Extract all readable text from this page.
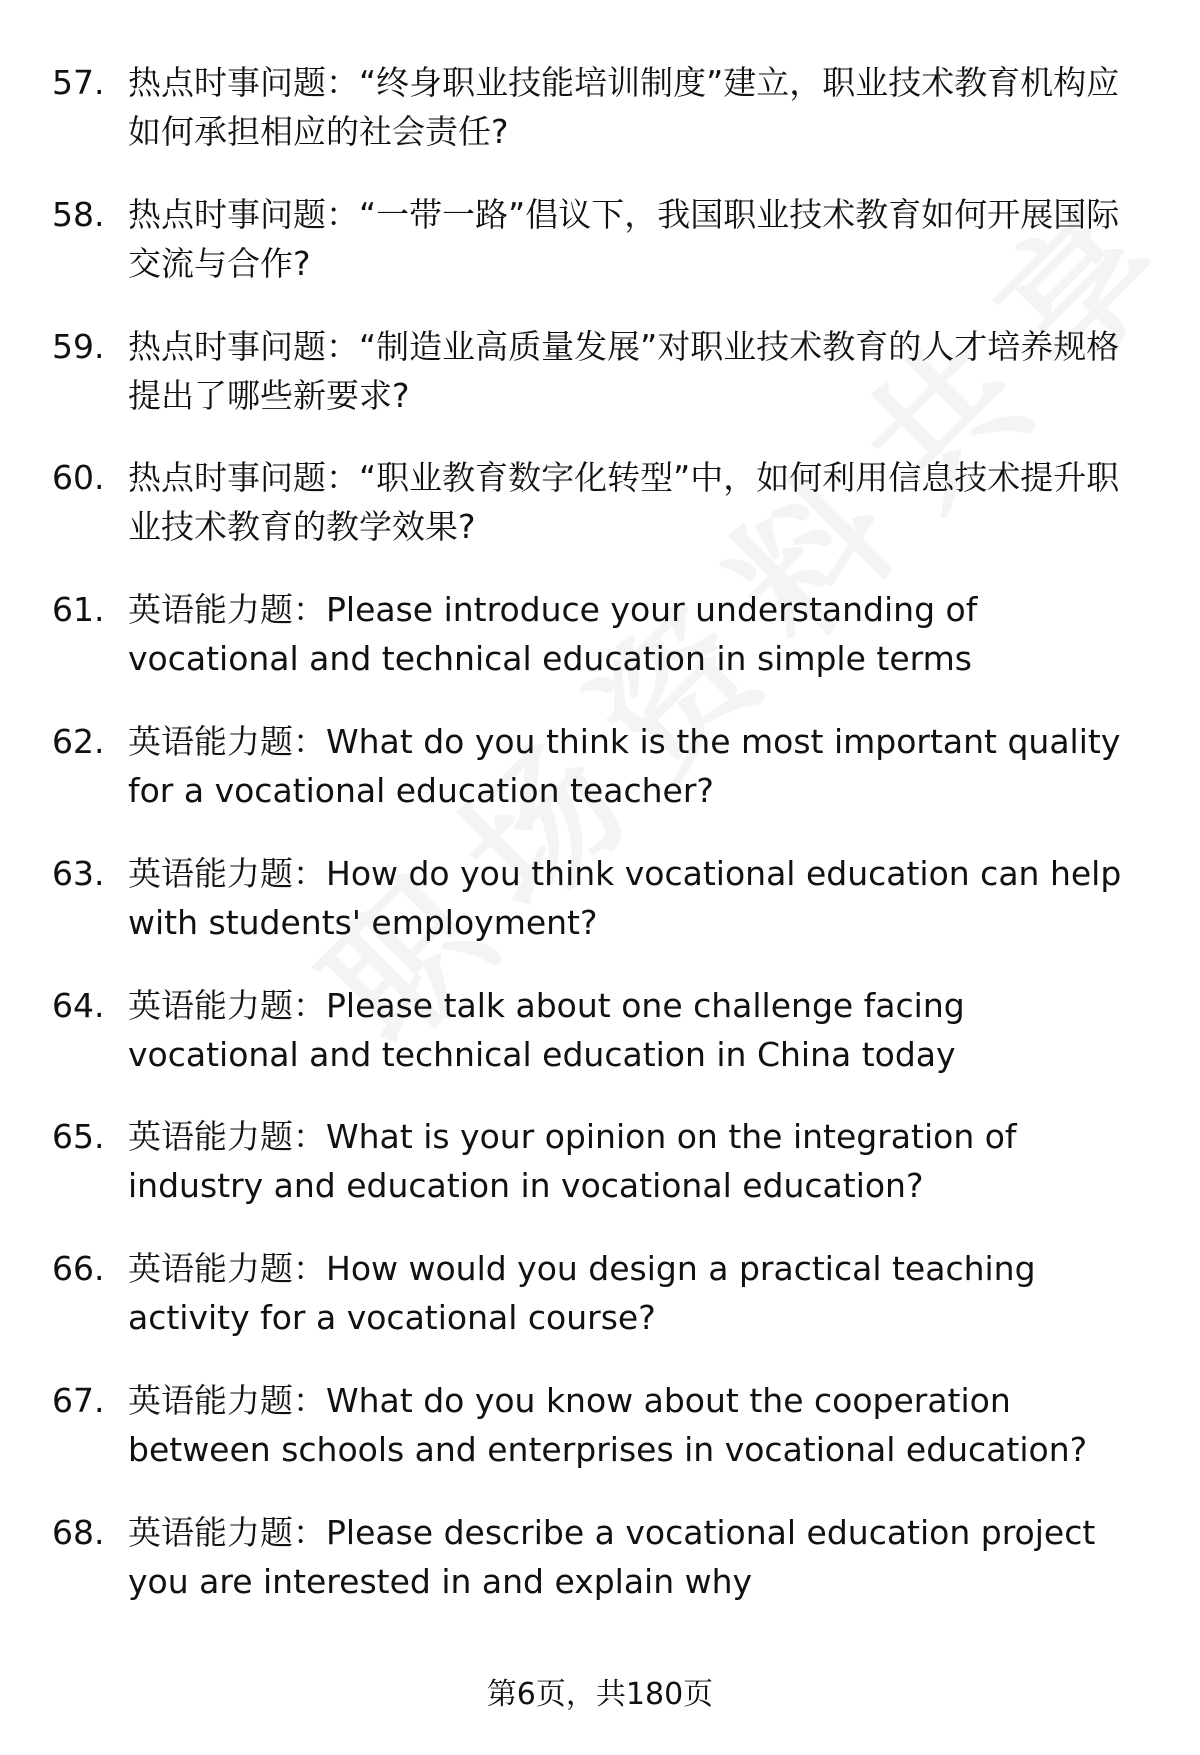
57. 热点时事问题：“终身职业技能培训制度”建立，职业技术教育机构应如何承担相应的社会责任?
58. 热点时事问题：“一带一路”倡议下，我国职业技术教育如何开展国际交流与合作?
59. 热点时事问题：“制造业高质量发展”对职业技术教育的人才培养规格提出了哪些新要求?
60. 热点时事问题：“职业教育数字化转型”中，如何利用信息技术提升职业技术教育的教学效果?
61. 英语能力题：Please introduce your understanding of vocational and technical education in simple terms
62. 英语能力题：What do you think is the most important quality for a vocational education teacher?
63. 英语能力题：How do you think vocational education can help with students' employment?
64. 英语能力题：Please talk about one challenge facing vocational and technical education in China today
65. 英语能力题：What is your opinion on the integration of industry and education in vocational education?
66. 英语能力题：How would you design a practical teaching activity for a vocational course?
67. 英语能力题：What do you know about the cooperation between schools and enterprises in vocational education?
68. 英语能力题：Please describe a vocational education project you are interested in and explain why
第6页，共180页
